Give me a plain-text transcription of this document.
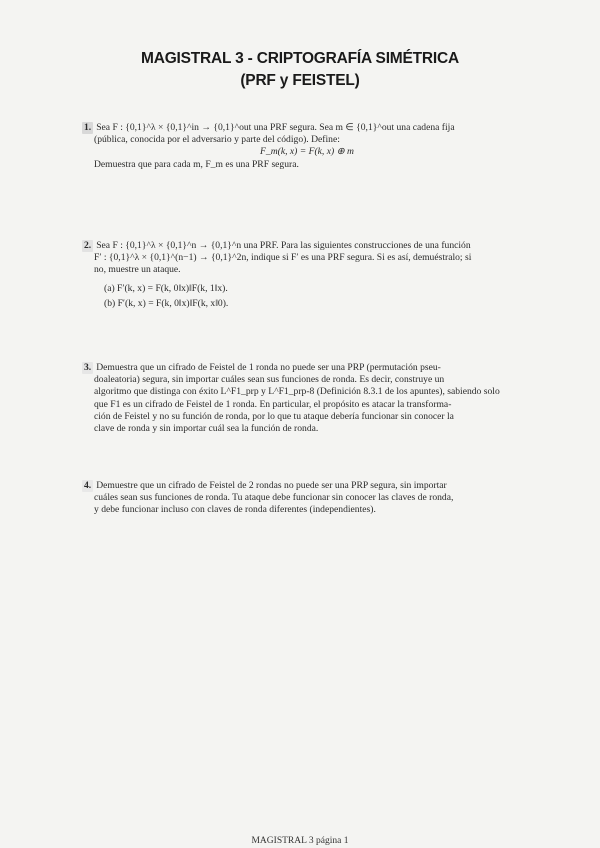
MAGISTRAL 3 - CRIPTOGRAFÍA SIMÉTRICA
(PRF y FEISTEL)

1. Sea F : {0,1}^λ × {0,1}^in → {0,1}^out una PRF segura. Sea m ∈ {0,1}^out una cadena fija

(pública, conocida por el adversario y parte del código). Define:

F_m(k, x) = F(k, x) ⊕ m

Demuestra que para cada m, F_m es una PRF segura.

2. Sea F : {0,1}^λ × {0,1}^n → {0,1}^n una PRF. Para las siguientes construcciones de una función

F′ : {0,1}^λ × {0,1}^(n−1) → {0,1}^2n, indique si F′ es una PRF segura. Si es así, demuéstralo; si

no, muestre un ataque.

(a) F′(k, x) = F(k, 0‖x)‖F(k, 1‖x).

(b) F′(k, x) = F(k, 0‖x)‖F(k, x‖0).

3. Demuestra que un cifrado de Feistel de 1 ronda no puede ser una PRP (permutación pseu-

doaleatoria) segura, sin importar cuáles sean sus funciones de ronda. Es decir, construye un

algoritmo que distinga con éxito L^F1_prp y L^F1_prp-8 (Definición 8.3.1 de los apuntes), sabiendo solo

que F1 es un cifrado de Feistel de 1 ronda. En particular, el propósito es atacar la transforma-

ción de Feistel y no su función de ronda, por lo que tu ataque debería funcionar sin conocer la

clave de ronda y sin importar cuál sea la función de ronda.

4. Demuestre que un cifrado de Feistel de 2 rondas no puede ser una PRP segura, sin importar

cuáles sean sus funciones de ronda. Tu ataque debe funcionar sin conocer las claves de ronda,

y debe funcionar incluso con claves de ronda diferentes (independientes).

MAGISTRAL 3 página 1
